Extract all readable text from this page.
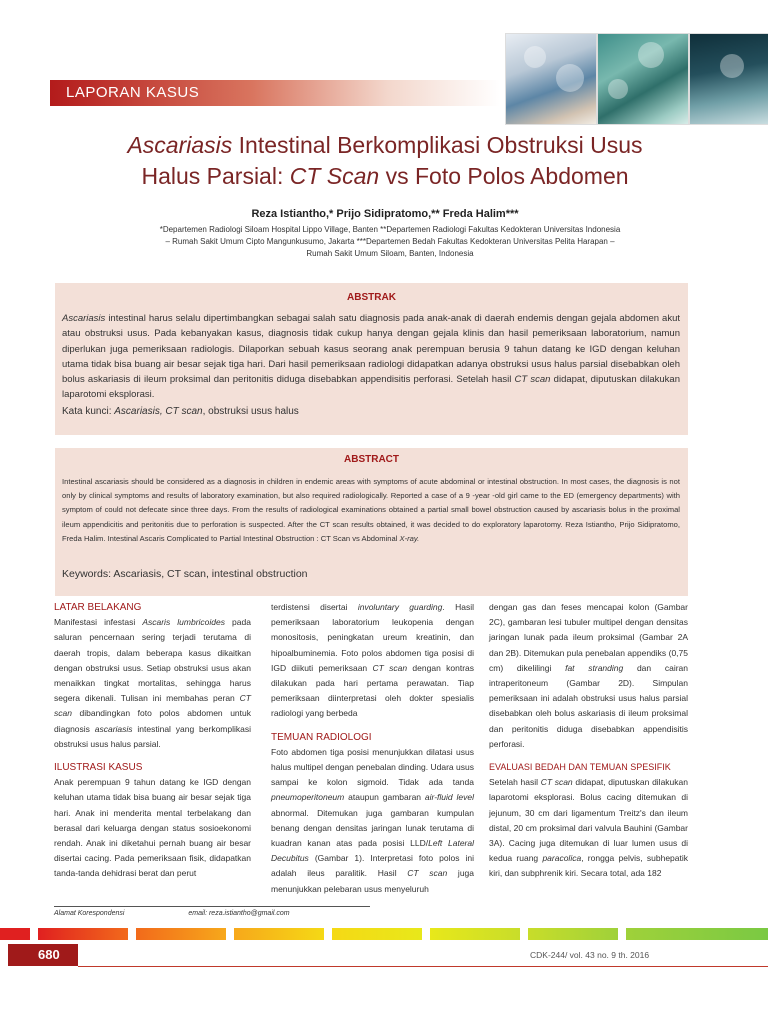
LAPORAN KASUS
Ascariasis Intestinal Berkomplikasi Obstruksi Usus
Halus Parsial: CT Scan vs Foto Polos Abdomen
Reza Istiantho,* Prijo Sidipratomo,** Freda Halim***
*Departemen Radiologi Siloam Hospital Lippo Village, Banten **Departemen Radiologi Fakultas Kedokteran Universitas Indonesia
– Rumah Sakit Umum Cipto Mangunkusumo, Jakarta ***Departemen Bedah Fakultas Kedokteran Universitas Pelita Harapan –
Rumah Sakit Umum Siloam, Banten, Indonesia
ABSTRAK
Ascariasis intestinal harus selalu dipertimbangkan sebagai salah satu diagnosis pada anak-anak di daerah endemis dengan gejala abdomen akut atau obstruksi usus. Pada kebanyakan kasus, diagnosis tidak cukup hanya dengan gejala klinis dan hasil pemeriksaan laboratorium, namun diperlukan juga pemeriksaan radiologis. Dilaporkan sebuah kasus seorang anak perempuan berusia 9 tahun datang ke IGD dengan keluhan utama tidak bisa buang air besar sejak tiga hari. Dari hasil pemeriksaan radiologi didapatkan adanya obstruksi usus halus parsial disebabkan oleh bolus askariasis di ileum proksimal dan peritonitis diduga disebabkan appendisitis perforasi. Setelah hasil CT scan didapat, diputuskan dilakukan laparotomi eksplorasi.
Kata kunci: Ascariasis, CT scan, obstruksi usus halus
ABSTRACT
Intestinal ascariasis should be considered as a diagnosis in children in endemic areas with symptoms of acute abdominal or intestinal obstruction. In most cases, the diagnosis is not only by clinical symptoms and results of laboratory examination, but also required radiologically. Reported a case of a 9 -year -old girl came to the ED (emergency departments) with symptom of could not defecate since three days. From the results of radiological examinations obtained a partial small bowel obstruction caused by ascariasis bolus in the proximal ileum appendicitis and peritonitis due to perforation is suspected. After the CT scan results obtained, it was decided to do exploratory laparotomy. Reza Istiantho, Prijo Sidipratomo, Freda Halim. Intestinal Ascaris Complicated to Partial Intestinal Obstruction : CT Scan vs Abdominal X-ray.
Keywords: Ascariasis, CT scan, intestinal obstruction

LATAR BELAKANG

Manifestasi infestasi Ascaris lumbricoides pada saluran pencernaan sering terjadi terutama di daerah tropis, dalam beberapa kasus dikaitkan dengan obstruksi usus. Setiap obstruksi usus akan menaikkan tingkat mortalitas, sehingga harus segera dikenali. Tulisan ini membahas peran CT scan dibandingkan foto polos abdomen untuk diagnosis ascariasis intestinal yang berkomplikasi obstruksi usus halus parsial.

ILUSTRASI KASUS

Anak perempuan 9 tahun datang ke IGD dengan keluhan utama tidak bisa buang air besar sejak tiga hari. Anak ini menderita mental terbelakang dan berasal dari keluarga dengan status sosioekonomi rendah. Anak ini diketahui pernah buang air besar disertai cacing. Pada pemeriksaan fisik, didapatkan tanda-tanda dehidrasi berat dan perut

terdistensi disertai involuntary guarding. Hasil pemeriksaan laboratorium leukopenia dengan monositosis, peningkatan ureum kreatinin, dan hipoalbuminemia. Foto polos abdomen tiga posisi di IGD diikuti pemeriksaan CT scan dengan kontras dilakukan pada hari pertama perawatan. Tiap pemeriksaan diinterpretasi oleh dokter spesialis radiologi yang berbeda

TEMUAN RADIOLOGI

Foto abdomen tiga posisi menunjukkan dilatasi usus halus multipel dengan penebalan dinding. Udara usus sampai ke kolon sigmoid. Tidak ada tanda pneumoperitoneum ataupun gambaran air-fluid level abnormal. Ditemukan juga gambaran kumpulan benang dengan densitas jaringan lunak terutama di kuadran kanan atas pada posisi LLD/Left Lateral Decubitus (Gambar 1). Interpretasi foto polos ini adalah ileus paralitik. Hasil CT scan juga menunjukkan pelebaran usus menyeluruh

dengan gas dan feses mencapai kolon (Gambar 2C), gambaran lesi tubuler multipel dengan densitas jaringan lunak pada ileum proksimal (Gambar 2A dan 2B). Ditemukan pula penebalan appendiks (0,75 cm) dikelilingi fat stranding dan cairan intraperitoneum (Gambar 2D). Simpulan pemeriksaan ini adalah obstruksi usus halus parsial disebabkan oleh bolus askariasis di ileum proksimal dan peritonitis diduga disebabkan appendisitis perforasi.

EVALUASI BEDAH DAN TEMUAN SPESIFIK

Setelah hasil CT scan didapat, diputuskan dilakukan laparotomi eksplorasi. Bolus cacing ditemukan di jejunum, 30 cm dari ligamentum Treitz's dan ileum distal, 20 cm proksimal dari valvula Bauhini (Gambar 3A). Cacing juga ditemukan di luar lumen usus di kedua ruang paracolica, rongga pelvis, subhepatik kiri, dan subphrenik kiri. Secara total, ada 182

Alamat Korespondensi	email: reza.istiantho@gmail.com
680	CDK-244/ vol. 43 no. 9 th. 2016
